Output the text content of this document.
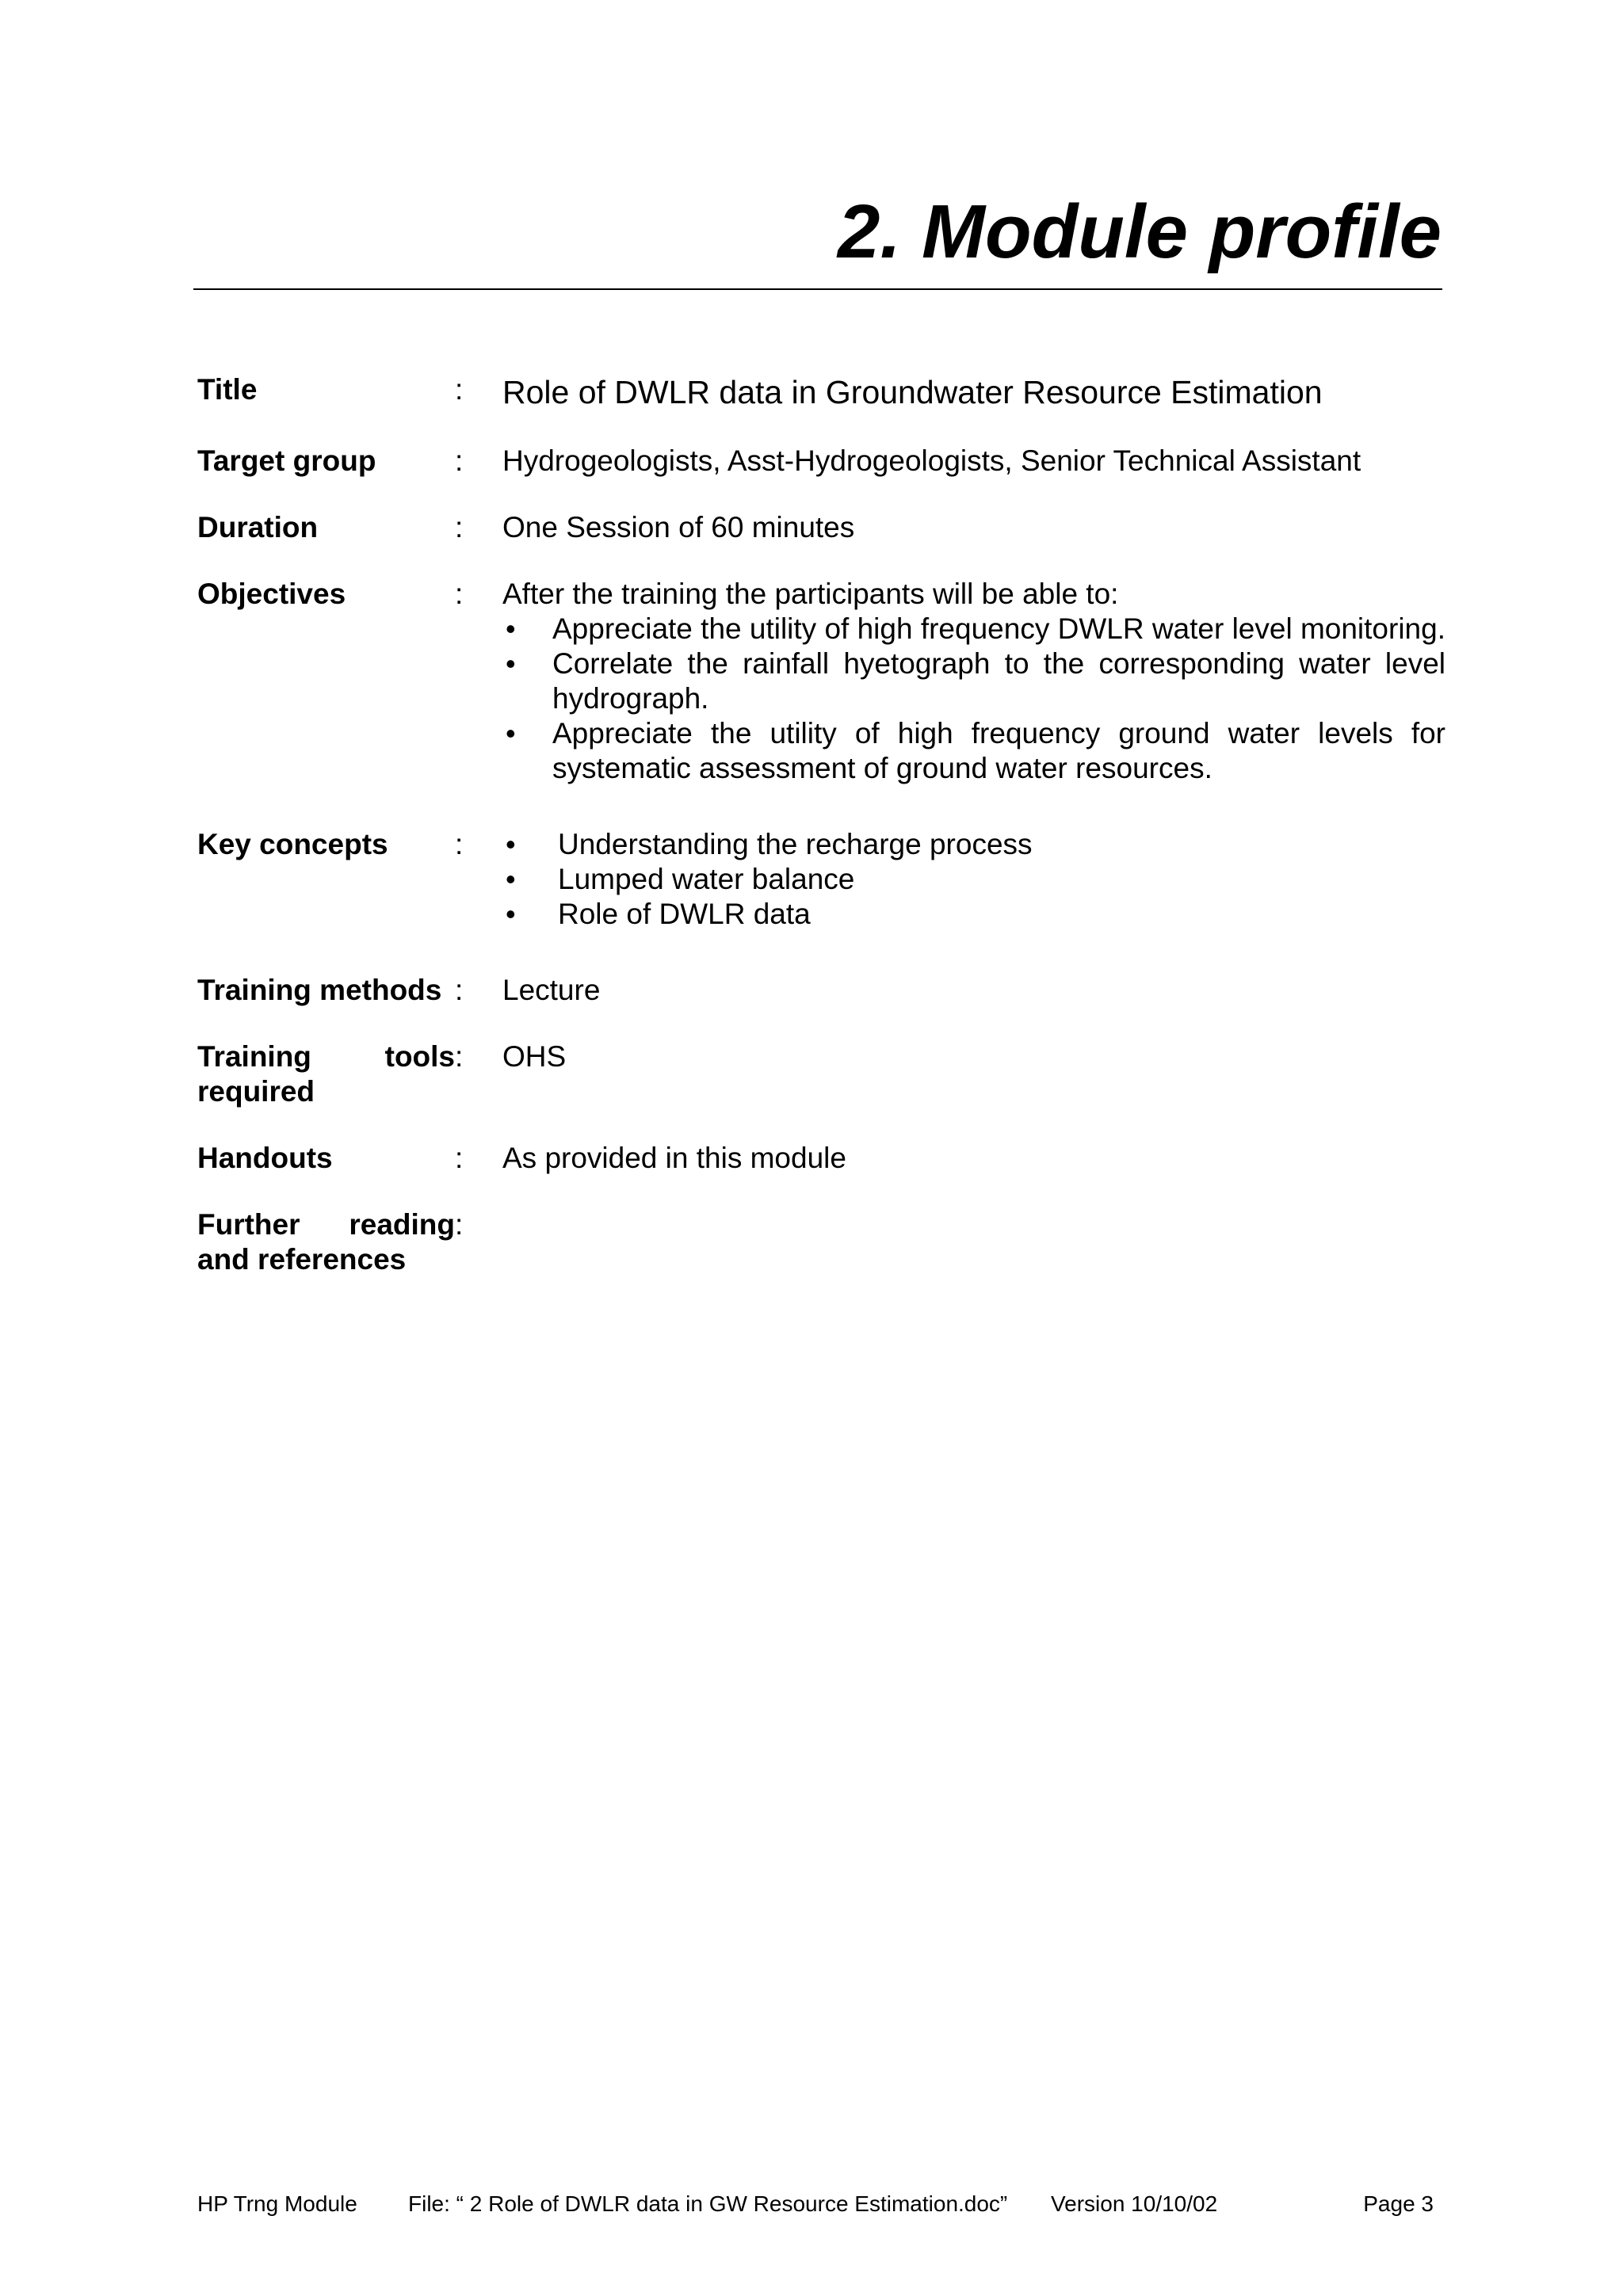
2. Module profile
Title	:	Role of DWLR data in Groundwater Resource Estimation
Target group	:	Hydrogeologists, Asst-Hydrogeologists, Senior Technical Assistant
Duration	:	One Session of 60 minutes
Objectives	:	After the training the participants will be able to:
• Appreciate the utility of high frequency DWLR water level monitoring.
• Correlate the rainfall hyetograph to the corresponding water level hydrograph.
• Appreciate the utility of high frequency ground water levels for systematic assessment of ground water resources.
Key concepts	:
•	Understanding the recharge process
• Lumped water balance
• Role of DWLR data
Training methods :	Lecture
Training tools required
:	OHS
Handouts	:	As provided in this module
Further reading and references
:
HP Trng Module File: “ 2 Role of DWLR data in GW Resource Estimation.doc” Version 10/10/02	Page 3
